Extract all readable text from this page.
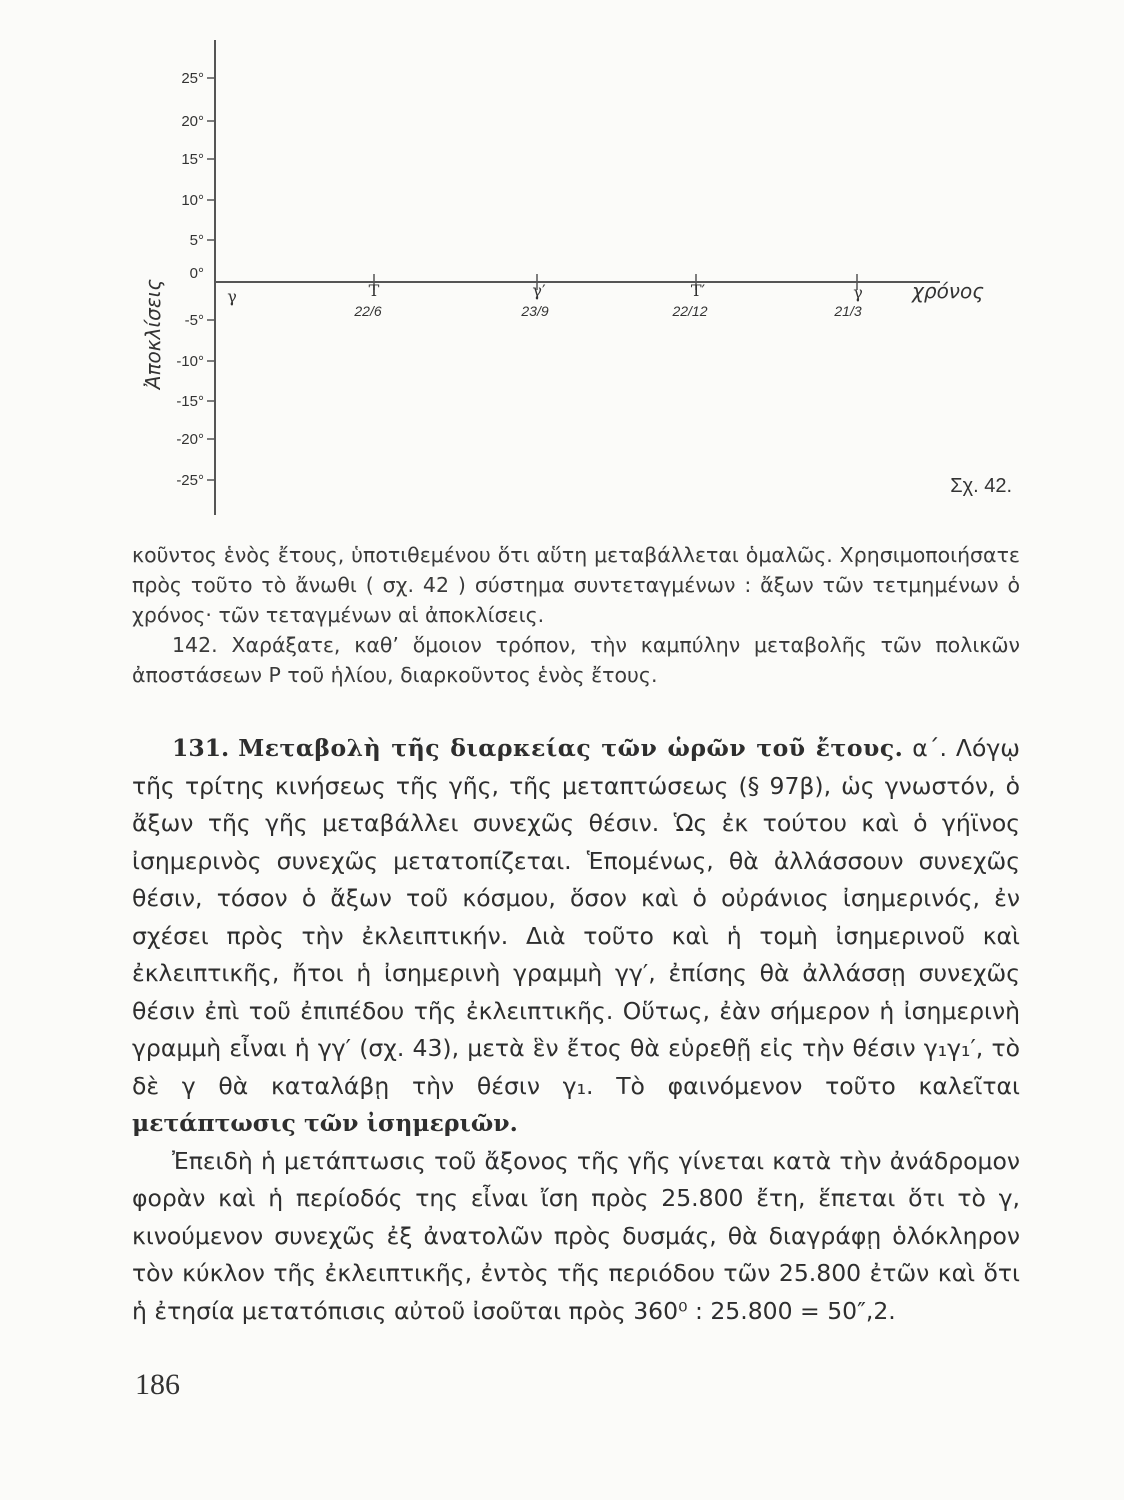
25°
20°
15°
10°
5°
0°
-5°
-10°
-15°
-20°
-25°
Ἀποκλίσεις	γ	Τ
22/6
γ′
23/9
Τ′
22/12
γ
21/3
χρόνος
Σχ. 42.

κοῦντος ἑνὸς ἔτους, ὑποτιθεμένου ὅτι αὕτη μεταβάλλεται ὁμαλῶς. Χρησιμοποιήσατε πρὸς τοῦτο τὸ ἄνωθι ( σχ. 42 ) σύστημα συντεταγμένων : ἄξων τῶν τετμημένων ὁ χρόνος· τῶν τεταγμένων αἱ ἀποκλίσεις.

142. Χαράξατε, καθ’ ὅμοιον τρόπον, τὴν καμπύλην μεταβολῆς τῶν πολικῶν ἀποστάσεων P τοῦ ἡλίου, διαρκοῦντος ἑνὸς ἔτους.

131. Μεταβολὴ τῆς διαρκείας τῶν ὡρῶν τοῦ ἔτους. α΄. Λόγῳ τῆς τρίτης κινήσεως τῆς γῆς, τῆς μεταπτώσεως (§ 97β), ὡς γνωστόν, ὁ ἄξων τῆς γῆς μεταβάλλει συνεχῶς θέσιν. Ὡς ἐκ τούτου καὶ ὁ γήϊνος ἰσημερινὸς συνεχῶς μετατοπίζεται. Ἑπομένως, θὰ ἀλλάσσουν συνεχῶς θέσιν, τόσον ὁ ἄξων τοῦ κόσμου, ὅσον καὶ ὁ οὐράνιος ἰσημερινός, ἐν σχέσει πρὸς τὴν ἐκλειπτικήν. Διὰ τοῦτο καὶ ἡ τομὴ ἰσημερινοῦ καὶ ἐκλειπτικῆς, ἤτοι ἡ ἰσημερινὴ γραμμὴ γγ′, ἐπίσης θὰ ἀλλάσσῃ συνεχῶς θέσιν ἐπὶ τοῦ ἐπιπέδου τῆς ἐκλειπτικῆς. Οὕτως, ἐὰν σήμερον ἡ ἰσημερινὴ γραμμὴ εἶναι ἡ γγ′ (σχ. 43), μετὰ ἓν ἔτος θὰ εὑρεθῇ εἰς τὴν θέσιν γ₁γ₁′, τὸ δὲ γ θὰ καταλάβῃ τὴν θέσιν γ₁. Τὸ φαινόμενον τοῦτο καλεῖται μετάπτωσις τῶν ἰσημεριῶν.

Ἐπειδὴ ἡ μετάπτωσις τοῦ ἄξονος τῆς γῆς γίνεται κατὰ τὴν ἀνάδρομον φορὰν καὶ ἡ περίοδός της εἶναι ἴση πρὸς 25.800 ἔτη, ἕπεται ὅτι τὸ γ, κινούμενον συνεχῶς ἐξ ἀνατολῶν πρὸς δυσμάς, θὰ διαγράφῃ ὁλόκληρον τὸν κύκλον τῆς ἐκλειπτικῆς, ἐντὸς τῆς περιόδου τῶν 25.800 ἐτῶν καὶ ὅτι ἡ ἐτησία μετατόπισις αὐτοῦ ἰσοῦται πρὸς 360⁰ : 25.800 = 50″,2.

186
